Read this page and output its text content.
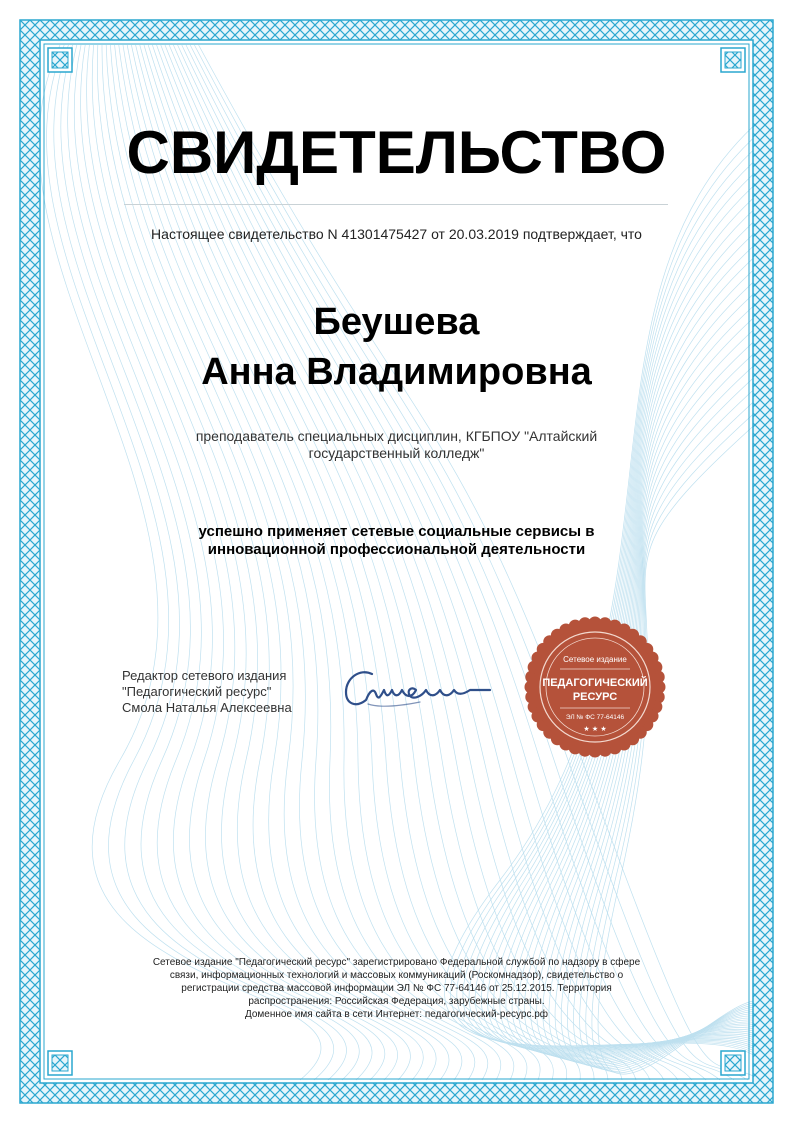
СВИДЕТЕЛЬСТВО
Настоящее свидетельство N 41301475427 от 20.03.2019 подтверждает, что
Беушева
Анна Владимировна
преподаватель специальных дисциплин, КГБПОУ "Алтайский государственный колледж"
успешно применяет сетевые социальные сервисы в инновационной профессиональной деятельности
Редактор сетевого издания
"Педагогический ресурс"
Смола Наталья Алексеевна
Сетевое издание
ПЕДАГОГИЧЕСКИЙ
РЕСУРС
ЭЛ № ФС 77-64146
★ ★ ★
Сетевое издание "Педагогический ресурс" зарегистрировано Федеральной службой по надзору в сфере
связи, информационных технологий и массовых коммуникаций (Роскомнадзор), свидетельство о
регистрации средства массовой информации ЭЛ № ФС 77-64146 от 25.12.2015. Территория
распространения: Российская Федерация, зарубежные страны.
Доменное имя сайта в сети Интернет: педагогический-ресурс.рф
